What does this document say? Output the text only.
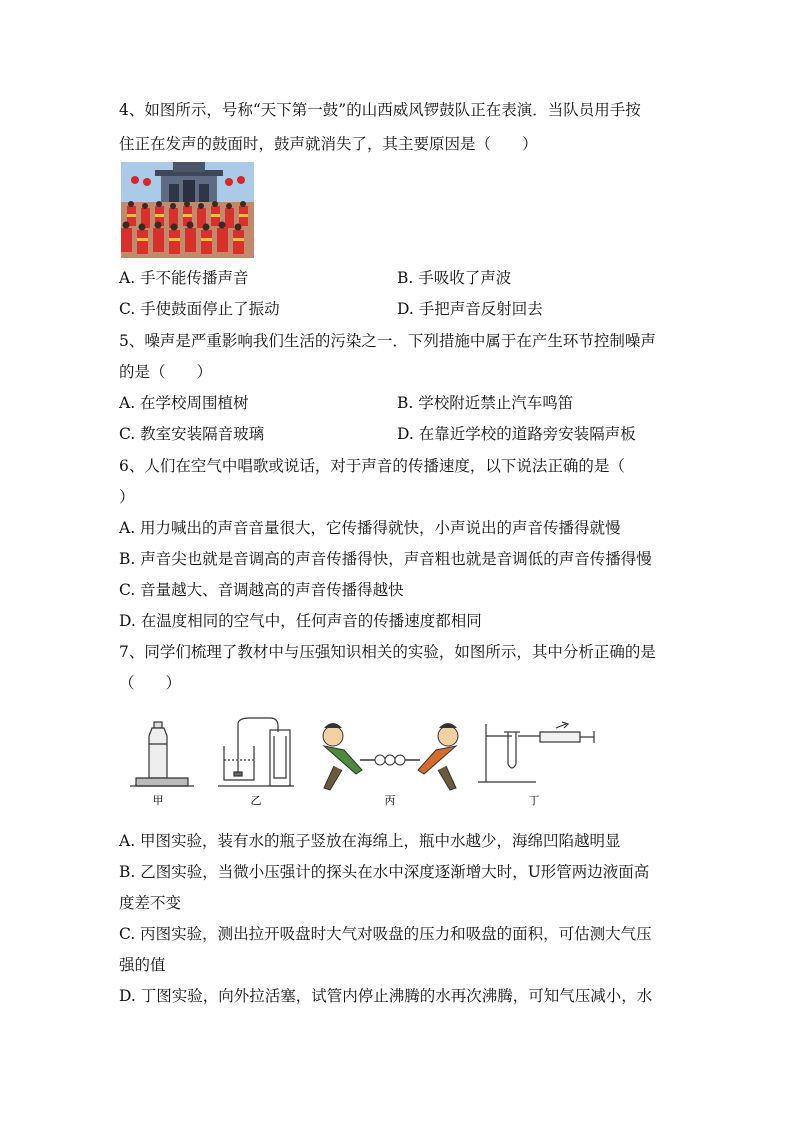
4、如图所示，号称“天下第一鼓”的山西威风锣鼓队正在表演．当队员用手按
住正在发声的鼓面时，鼓声就消失了，其主要原因是（　　）
A. 手不能传播声音	B. 手吸收了声波
C. 手使鼓面停止了振动	D. 手把声音反射回去
5、噪声是严重影响我们生活的污染之一．下列措施中属于在产生环节控制噪声
的是（　　）
A. 在学校周围植树	B. 学校附近禁止汽车鸣笛
C. 教室安装隔音玻璃	D. 在靠近学校的道路旁安装隔声板
6、人们在空气中唱歌或说话，对于声音的传播速度，以下说法正确的是（
）
A. 用力喊出的声音音量很大，它传播得就快，小声说出的声音传播得就慢
B. 声音尖也就是音调高的声音传播得快，声音粗也就是音调低的声音传播得慢
C. 音量越大、音调越高的声音传播得越快
D. 在温度相同的空气中，任何声音的传播速度都相同
7、同学们梳理了教材中与压强知识相关的实验，如图所示，其中分析正确的是
（　　）
甲	乙	丙	丁
A. 甲图实验，装有水的瓶子竖放在海绵上，瓶中水越少，海绵凹陷越明显
B. 乙图实验，当微小压强计的探头在水中深度逐渐增大时，U形管两边液面高
度差不变
C. 丙图实验，测出拉开吸盘时大气对吸盘的压力和吸盘的面积，可估测大气压
强的值
D. 丁图实验，向外拉活塞，试管内停止沸腾的水再次沸腾，可知气压减小，水
